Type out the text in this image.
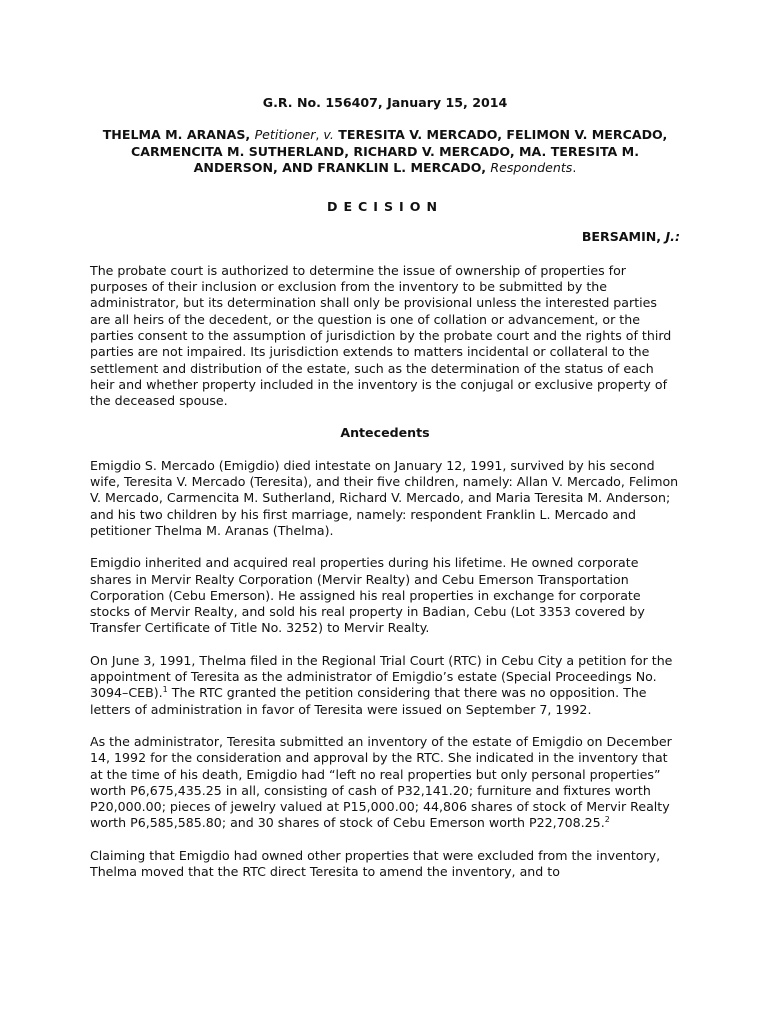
G.R. No. 156407, January 15, 2014
THELMA M. ARANAS, Petitioner, v. TERESITA V. MERCADO, FELIMON V. MERCADO, CARMENCITA M. SUTHERLAND, RICHARD V. MERCADO, MA. TERESITA M. ANDERSON, AND FRANKLIN L. MERCADO, Respondents.
DECISION
BERSAMIN, J.:

The probate court is authorized to determine the issue of ownership of properties for purposes of their inclusion or exclusion from the inventory to be submitted by the administrator, but its determination shall only be provisional unless the interested parties are all heirs of the decedent, or the question is one of collation or advancement, or the parties consent to the assumption of jurisdiction by the probate court and the rights of third parties are not impaired. Its jurisdiction extends to matters incidental or collateral to the settlement and distribution of the estate, such as the determination of the status of each heir and whether property included in the inventory is the conjugal or exclusive property of the deceased spouse.

Antecedents

Emigdio S. Mercado (Emigdio) died intestate on January 12, 1991, survived by his second wife, Teresita V. Mercado (Teresita), and their five children, namely: Allan V. Mercado, Felimon V. Mercado, Carmencita M. Sutherland, Richard V. Mercado, and Maria Teresita M. Anderson; and his two children by his first marriage, namely: respondent Franklin L. Mercado and petitioner Thelma M. Aranas (Thelma).

Emigdio inherited and acquired real properties during his lifetime. He owned corporate shares in Mervir Realty Corporation (Mervir Realty) and Cebu Emerson Transportation Corporation (Cebu Emerson). He assigned his real properties in exchange for corporate stocks of Mervir Realty, and sold his real property in Badian, Cebu (Lot 3353 covered by Transfer Certificate of Title No. 3252) to Mervir Realty.

On June 3, 1991, Thelma filed in the Regional Trial Court (RTC) in Cebu City a petition for the appointment of Teresita as the administrator of Emigdio’s estate (Special Proceedings No. 3094–CEB).$^1$ The RTC granted the petition considering that there was no opposition. The letters of administration in favor of Teresita were issued on September 7, 1992.

As the administrator, Teresita submitted an inventory of the estate of Emigdio on December 14, 1992 for the consideration and approval by the RTC. She indicated in the inventory that at the time of his death, Emigdio had “left no real properties but only personal properties” worth P6,675,435.25 in all, consisting of cash of P32,141.20; furniture and fixtures worth P20,000.00; pieces of jewelry valued at P15,000.00; 44,806 shares of stock of Mervir Realty worth P6,585,585.80; and 30 shares of stock of Cebu Emerson worth P22,708.25.$^2$

Claiming that Emigdio had owned other properties that were excluded from the inventory, Thelma moved that the RTC direct Teresita to amend the inventory, and to
